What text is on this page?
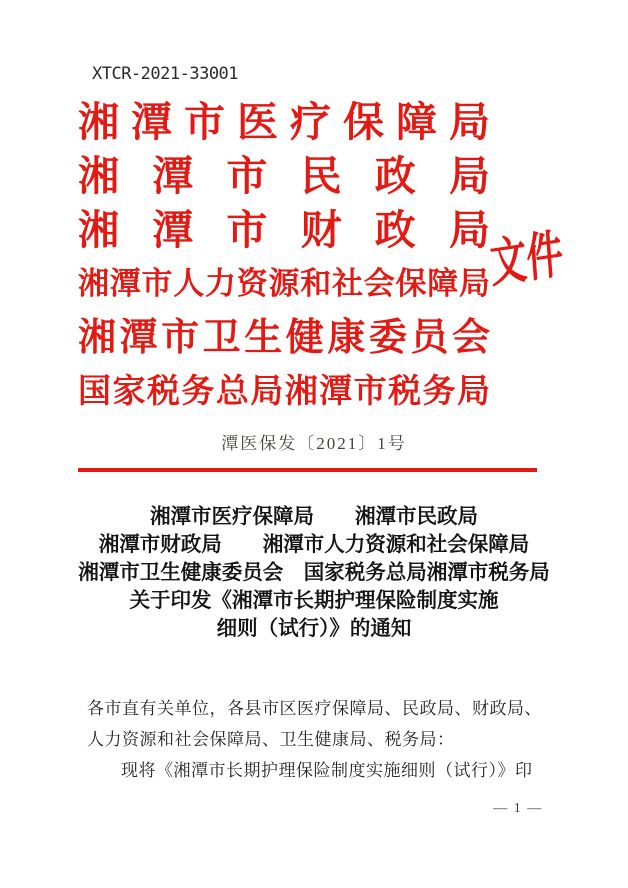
XTCR-2021-33001
湘潭市医疗保障局
湘潭市民政局
湘潭市财政局
湘潭市人力资源和社会保障局
湘潭市卫生健康委员会
国家税务总局湘潭市税务局
文件
潭医保发〔2021〕1号
湘潭市医疗保障局　　湘潭市民政局
湘潭市财政局　　湘潭市人力资源和社会保障局
湘潭市卫生健康委员会　国家税务总局湘潭市税务局
关于印发《湘潭市长期护理保险制度实施
细则（试行）》的通知
各市直有关单位，各县市区医疗保障局、民政局、财政局、
人力资源和社会保障局、卫生健康局、税务局：
现将《湘潭市长期护理保险制度实施细则（试行）》印
— 1 —
